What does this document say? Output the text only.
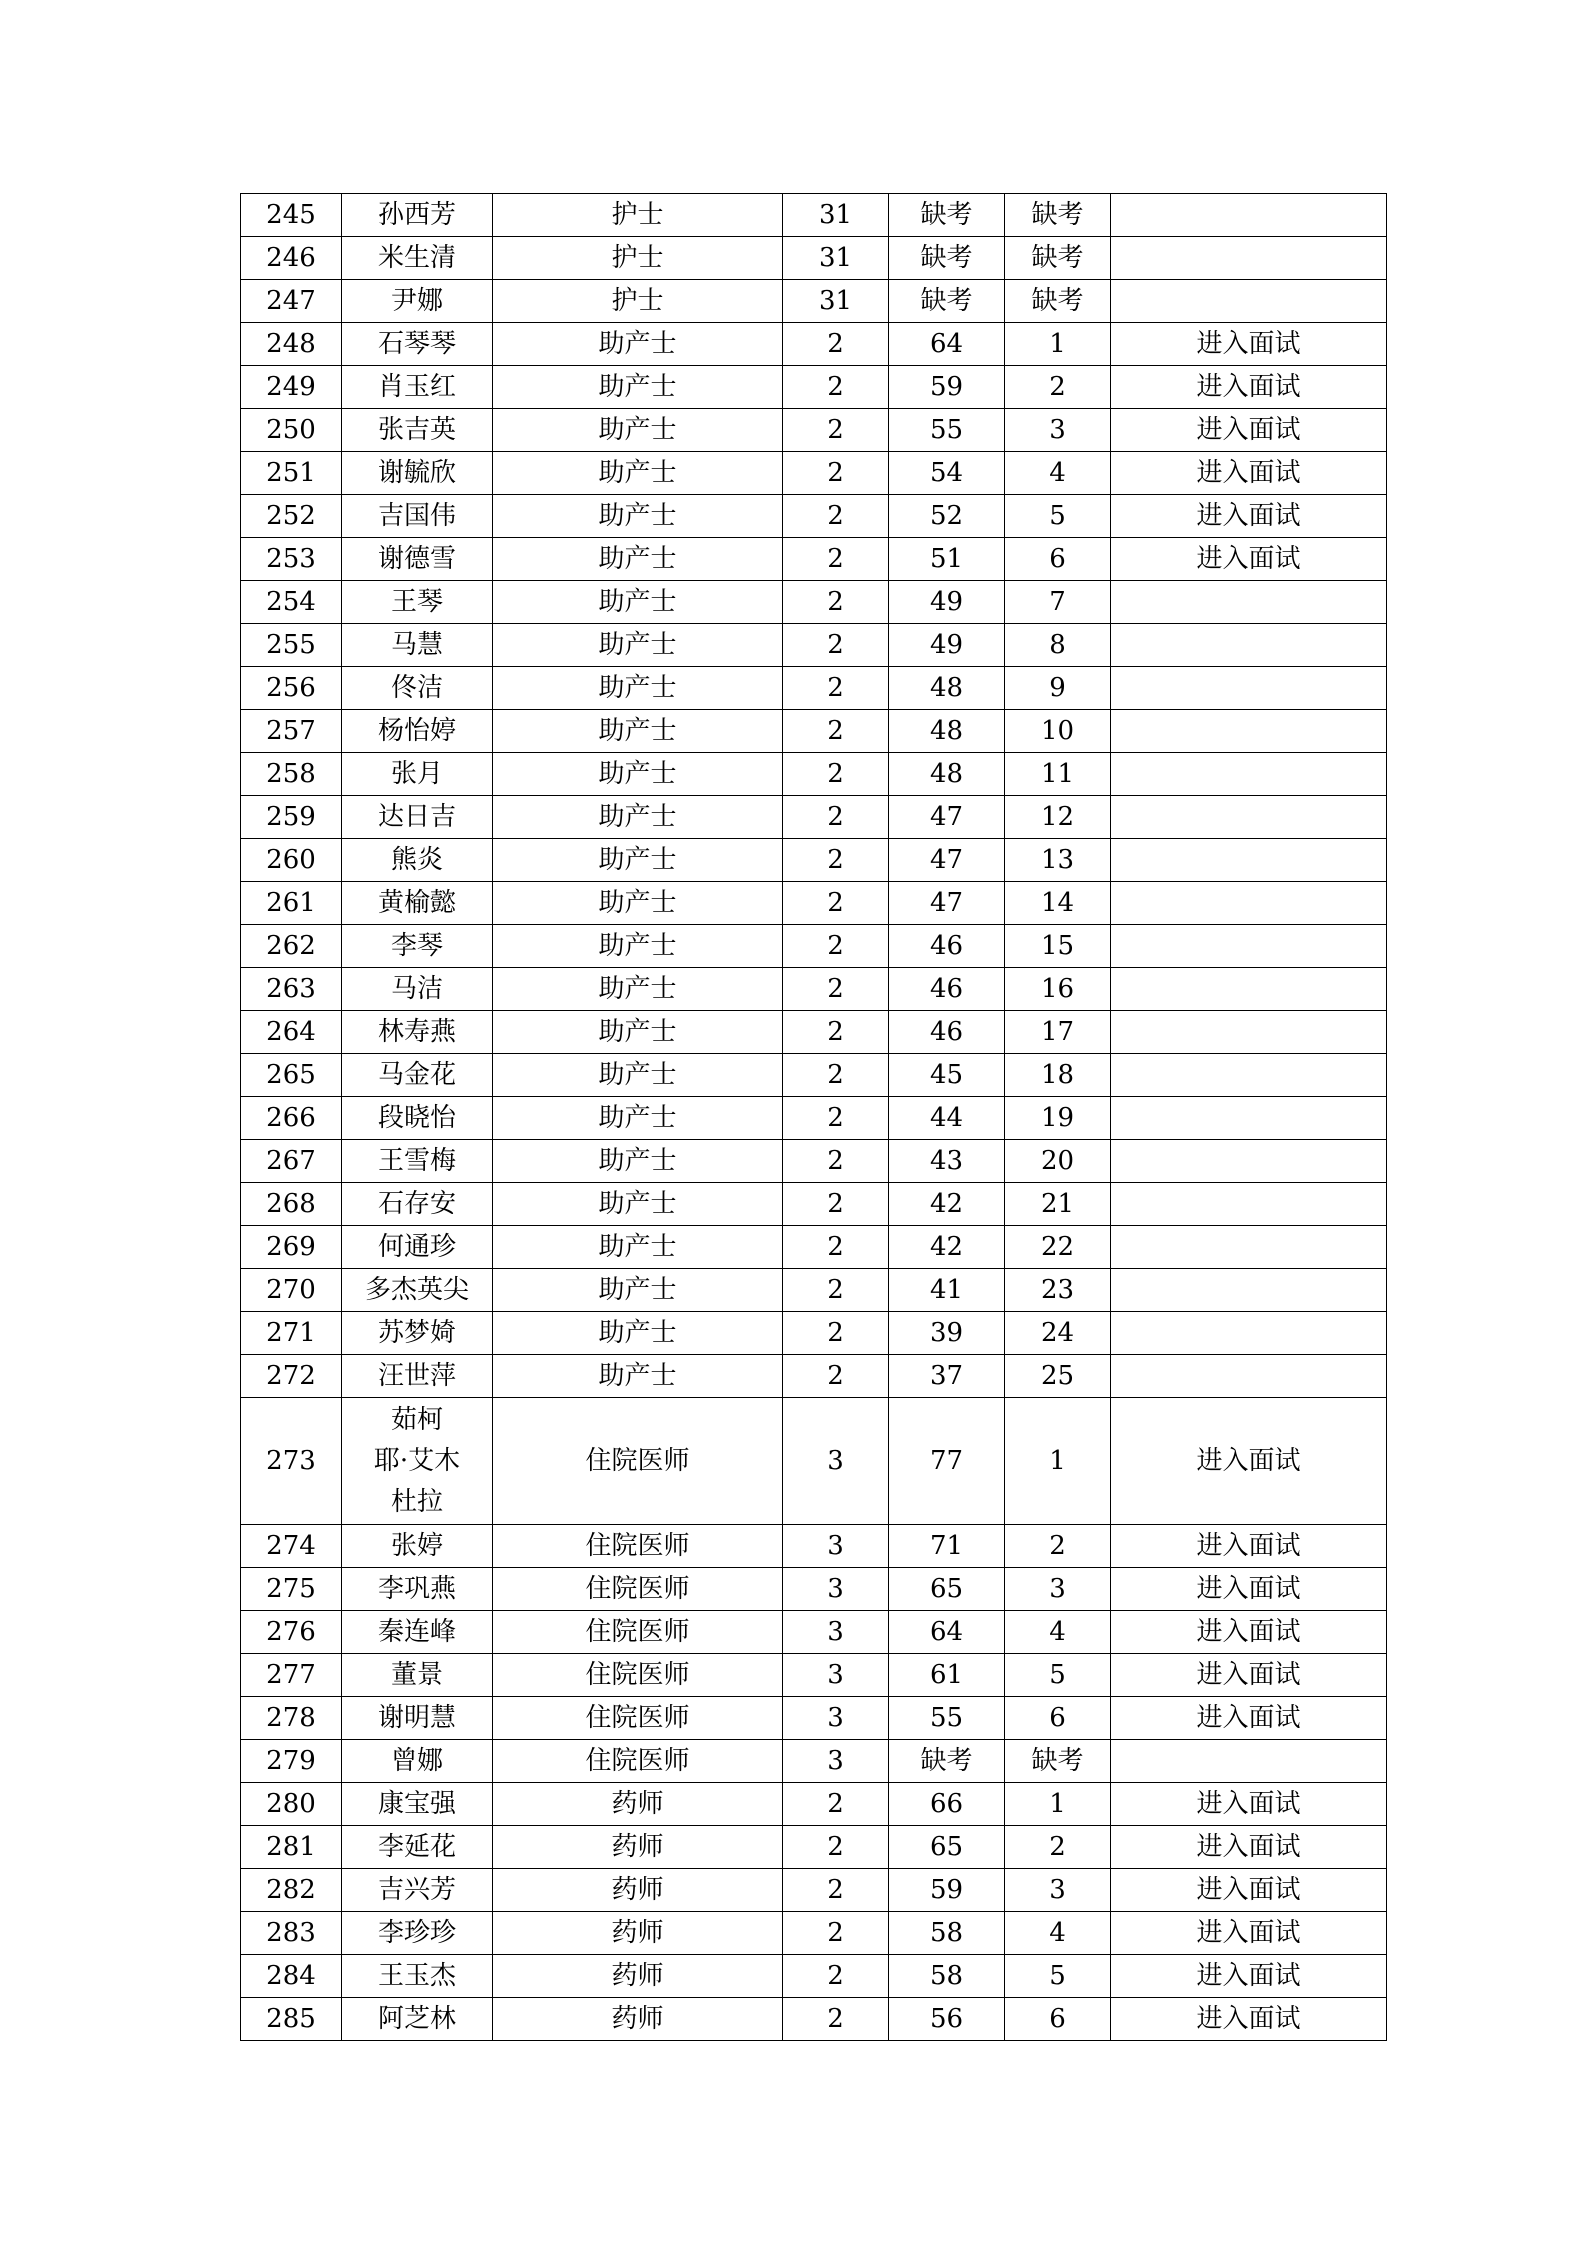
245	孙西芳	护士	31	缺考	缺考	
246	米生清	护士	31	缺考	缺考	
247	尹娜	护士	31	缺考	缺考	
248	石琴琴	助产士	2	64	1	进入面试
249	肖玉红	助产士	2	59	2	进入面试
250	张吉英	助产士	2	55	3	进入面试
251	谢毓欣	助产士	2	54	4	进入面试
252	吉国伟	助产士	2	52	5	进入面试
253	谢德雪	助产士	2	51	6	进入面试
254	王琴	助产士	2	49	7	
255	马慧	助产士	2	49	8	
256	佟洁	助产士	2	48	9	
257	杨怡婷	助产士	2	48	10	
258	张月	助产士	2	48	11	
259	达日吉	助产士	2	47	12	
260	熊炎	助产士	2	47	13	
261	黄榆懿	助产士	2	47	14	
262	李琴	助产士	2	46	15	
263	马洁	助产士	2	46	16	
264	林寿燕	助产士	2	46	17	
265	马金花	助产士	2	45	18	
266	段晓怡	助产士	2	44	19	
267	王雪梅	助产士	2	43	20	
268	石存安	助产士	2	42	21	
269	何通珍	助产士	2	42	22	
270	多杰英尖	助产士	2	41	23	
271	苏梦婍	助产士	2	39	24	
272	汪世萍	助产士	2	37	25	
273	茹柯
耶·艾木
杜拉	住院医师	3	77	1	进入面试
274	张婷	住院医师	3	71	2	进入面试
275	李巩燕	住院医师	3	65	3	进入面试
276	秦连峰	住院医师	3	64	4	进入面试
277	董景	住院医师	3	61	5	进入面试
278	谢明慧	住院医师	3	55	6	进入面试
279	曾娜	住院医师	3	缺考	缺考	
280	康宝强	药师	2	66	1	进入面试
281	李延花	药师	2	65	2	进入面试
282	吉兴芳	药师	2	59	3	进入面试
283	李珍珍	药师	2	58	4	进入面试
284	王玉杰	药师	2	58	5	进入面试
285	阿芝林	药师	2	56	6	进入面试
